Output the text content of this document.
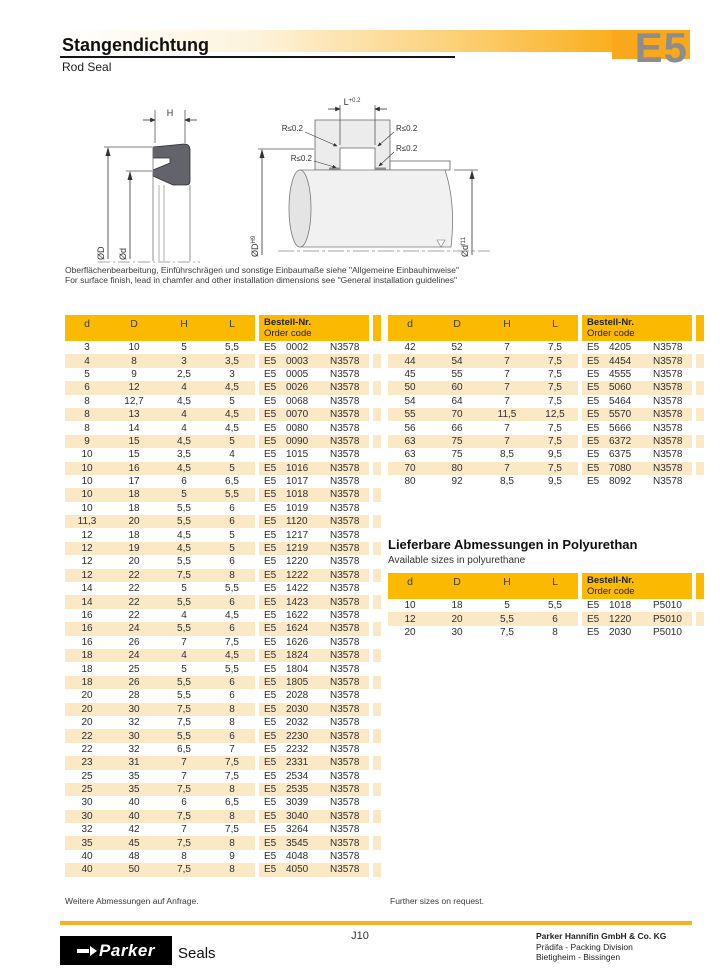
E5
Stangendichtung
Rod Seal
H
ØD Ød
$L^{+0.2}$
R≤0.2	R≤0.2
R≤0.2
R≤0.2
$ØD^{H9}$
$Ød^{f11}$
Oberflächenbearbeitung, Einführschrägen und sonstige Einbaumaße siehe "Allgemeine Einbauhinweise"
For surface finish, lead in chamfer and other installation dimensions see "General installation guidelines"
d	D	H	L	Bestell-Nr.
Order code
3	10	5	5,5	E5 0002	N3578
4	8	3	3,5	E5 0003	N3578
5	9	2,5	3	E5 0005	N3578
6	12	4	4,5	E5 0026	N3578
8	12,7	4,5	5	E5 0068	N3578
8	13	4	4,5	E5 0070	N3578
8	14	4	4,5	E5 0080	N3578
9	15	4,5	5	E5 0090	N3578
10	15	3,5	4	E5 1015	N3578
10	16	4,5	5	E5 1016	N3578
10	17	6	6,5	E5 1017	N3578
10	18	5	5,5	E5 1018	N3578
10	18	5,5	6	E5 1019	N3578
11,3	20	5,5	6	E5 1120	N3578
12	18	4,5	5	E5 1217	N3578
12	19	4,5	5	E5 1219	N3578
12	20	5,5	6	E5 1220	N3578
12	22	7,5	8	E5 1222	N3578
14	22	5	5,5	E5 1422	N3578
14	22	5,5	6	E5 1423	N3578
16	22	4	4,5	E5 1622	N3578
16	24	5,5	6	E5 1624	N3578
16	26	7	7,5	E5 1626	N3578
18	24	4	4,5	E5 1824	N3578
18	25	5	5,5	E5 1804	N3578
18	26	5,5	6	E5 1805	N3578
20	28	5,5	6	E5 2028	N3578
20	30	7,5	8	E5 2030	N3578
20	32	7,5	8	E5 2032	N3578
22	30	5,5	6	E5 2230	N3578
22	32	6,5	7	E5 2232	N3578
23	31	7	7,5	E5 2331	N3578
25	35	7	7,5	E5 2534	N3578
25	35	7,5	8	E5 2535	N3578
30	40	6	6,5	E5 3039	N3578
30	40	7,5	8	E5 3040	N3578
32	42	7	7,5	E5 3264	N3578
35	45	7,5	8	E5 3545	N3578
40	48	8	9	E5 4048	N3578
40	50	7,5	8	E5 4050	N3578
d	D	H	L	Bestell-Nr.
Order code
42	52	7	7,5	E5 4205	N3578
44	54	7	7,5	E5 4454	N3578
45	55	7	7,5	E5 4555	N3578
50	60	7	7,5	E5 5060	N3578
54	64	7	7,5	E5 5464	N3578
55	70	11,5	12,5	E5 5570	N3578
56	66	7	7,5	E5 5666	N3578
63	75	7	7,5	E5 6372	N3578
63	75	8,5	9,5	E5 6375	N3578
70	80	7	7,5	E5 7080	N3578
80	92	8,5	9,5	E5 8092	N3578
Lieferbare Abmessungen in Polyurethan
Available sizes in polyurethane
d	D	H	L	Bestell-Nr.
Order code
10	18	5	5,5	E5 1018	P5010
12	20	5,5	6	E5 1220	P5010
20	30	7,5	8	E5 2030	P5010
Weitere Abmessungen auf Anfrage.	Further sizes on request.
J10
Parker Seals
Parker Hannifin GmbH & Co. KG
Prädifa - Packing Division
Bietigheim - Bissingen
